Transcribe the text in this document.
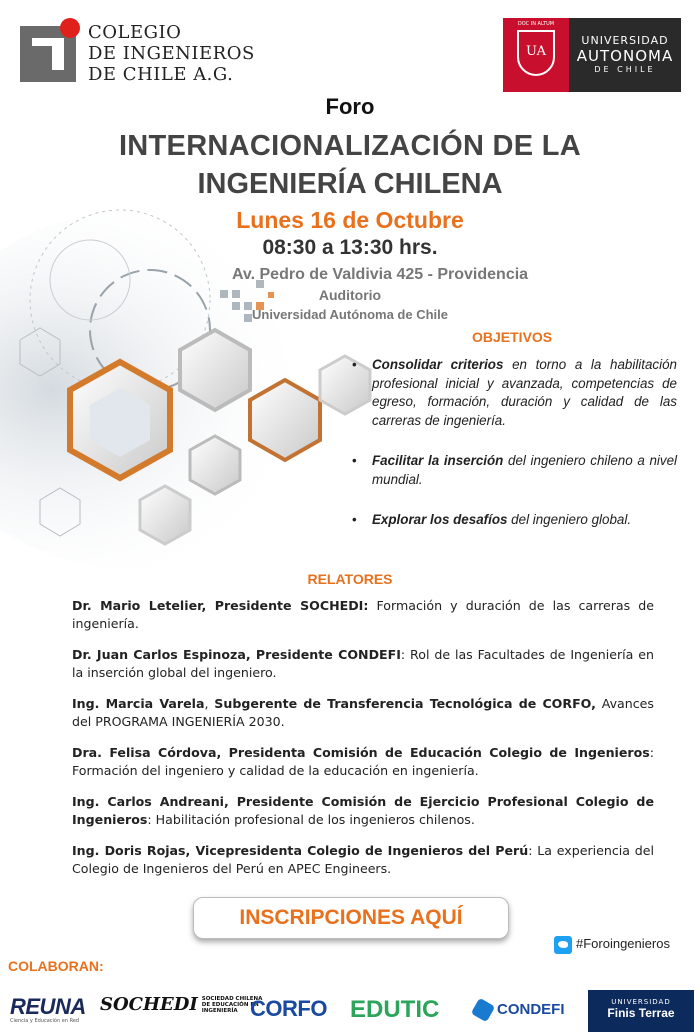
COLEGIO
DE INGENIEROS
DE CHILE A.G.
DOC IN ALTUM
UA
UNIVERSIDAD
AUTONOMA
DE CHILE
Foro
INTERNACIONALIZACIÓN DE LA
INGENIERÍA CHILENA
Lunes 16 de Octubre
08:30 a 13:30 hrs.
Av. Pedro de Valdivia 425 - Providencia
Auditorio
Universidad Autónoma de Chile
OBJETIVOS
• Consolidar criterios en torno a la habilitación profesional inicial y avanzada, competencias de egreso, formación, duración y calidad de las carreras de ingeniería.
• Facilitar la inserción del ingeniero chileno a nivel mundial.
• Explorar los desafíos del ingeniero global.
RELATORES
Dr. Mario Letelier, Presidente SOCHEDI: Formación y duración de las carreras de ingeniería.
Dr. Juan Carlos Espinoza, Presidente CONDEFI: Rol de las Facultades de Ingeniería en la inserción global del ingeniero.
Ing. Marcia Varela, Subgerente de Transferencia Tecnológica de CORFO, Avances del PROGRAMA INGENIERÍA 2030.
Dra. Felisa Córdova, Presidenta Comisión de Educación Colegio de Ingenieros: Formación del ingeniero y calidad de la educación en ingeniería.
Ing. Carlos Andreani, Presidente Comisión de Ejercicio Profesional Colegio de Ingenieros: Habilitación profesional de los ingenieros chilenos.
Ing. Doris Rojas, Vicepresidenta Colegio de Ingenieros del Perú: La experiencia del Colegio de Ingenieros del Perú en APEC Engineers.
INSCRIPCIONES AQUÍ
#Foroingenieros
COLABORAN:
REUNA
Ciencia y Educación en Red
SOCHEDI SOCIEDAD CHILENA DE EDUCACIÓN EN INGENIERÍA CORFO EDUTIC	CONDEFI	UNIVERSIDAD
Finis Terrae
